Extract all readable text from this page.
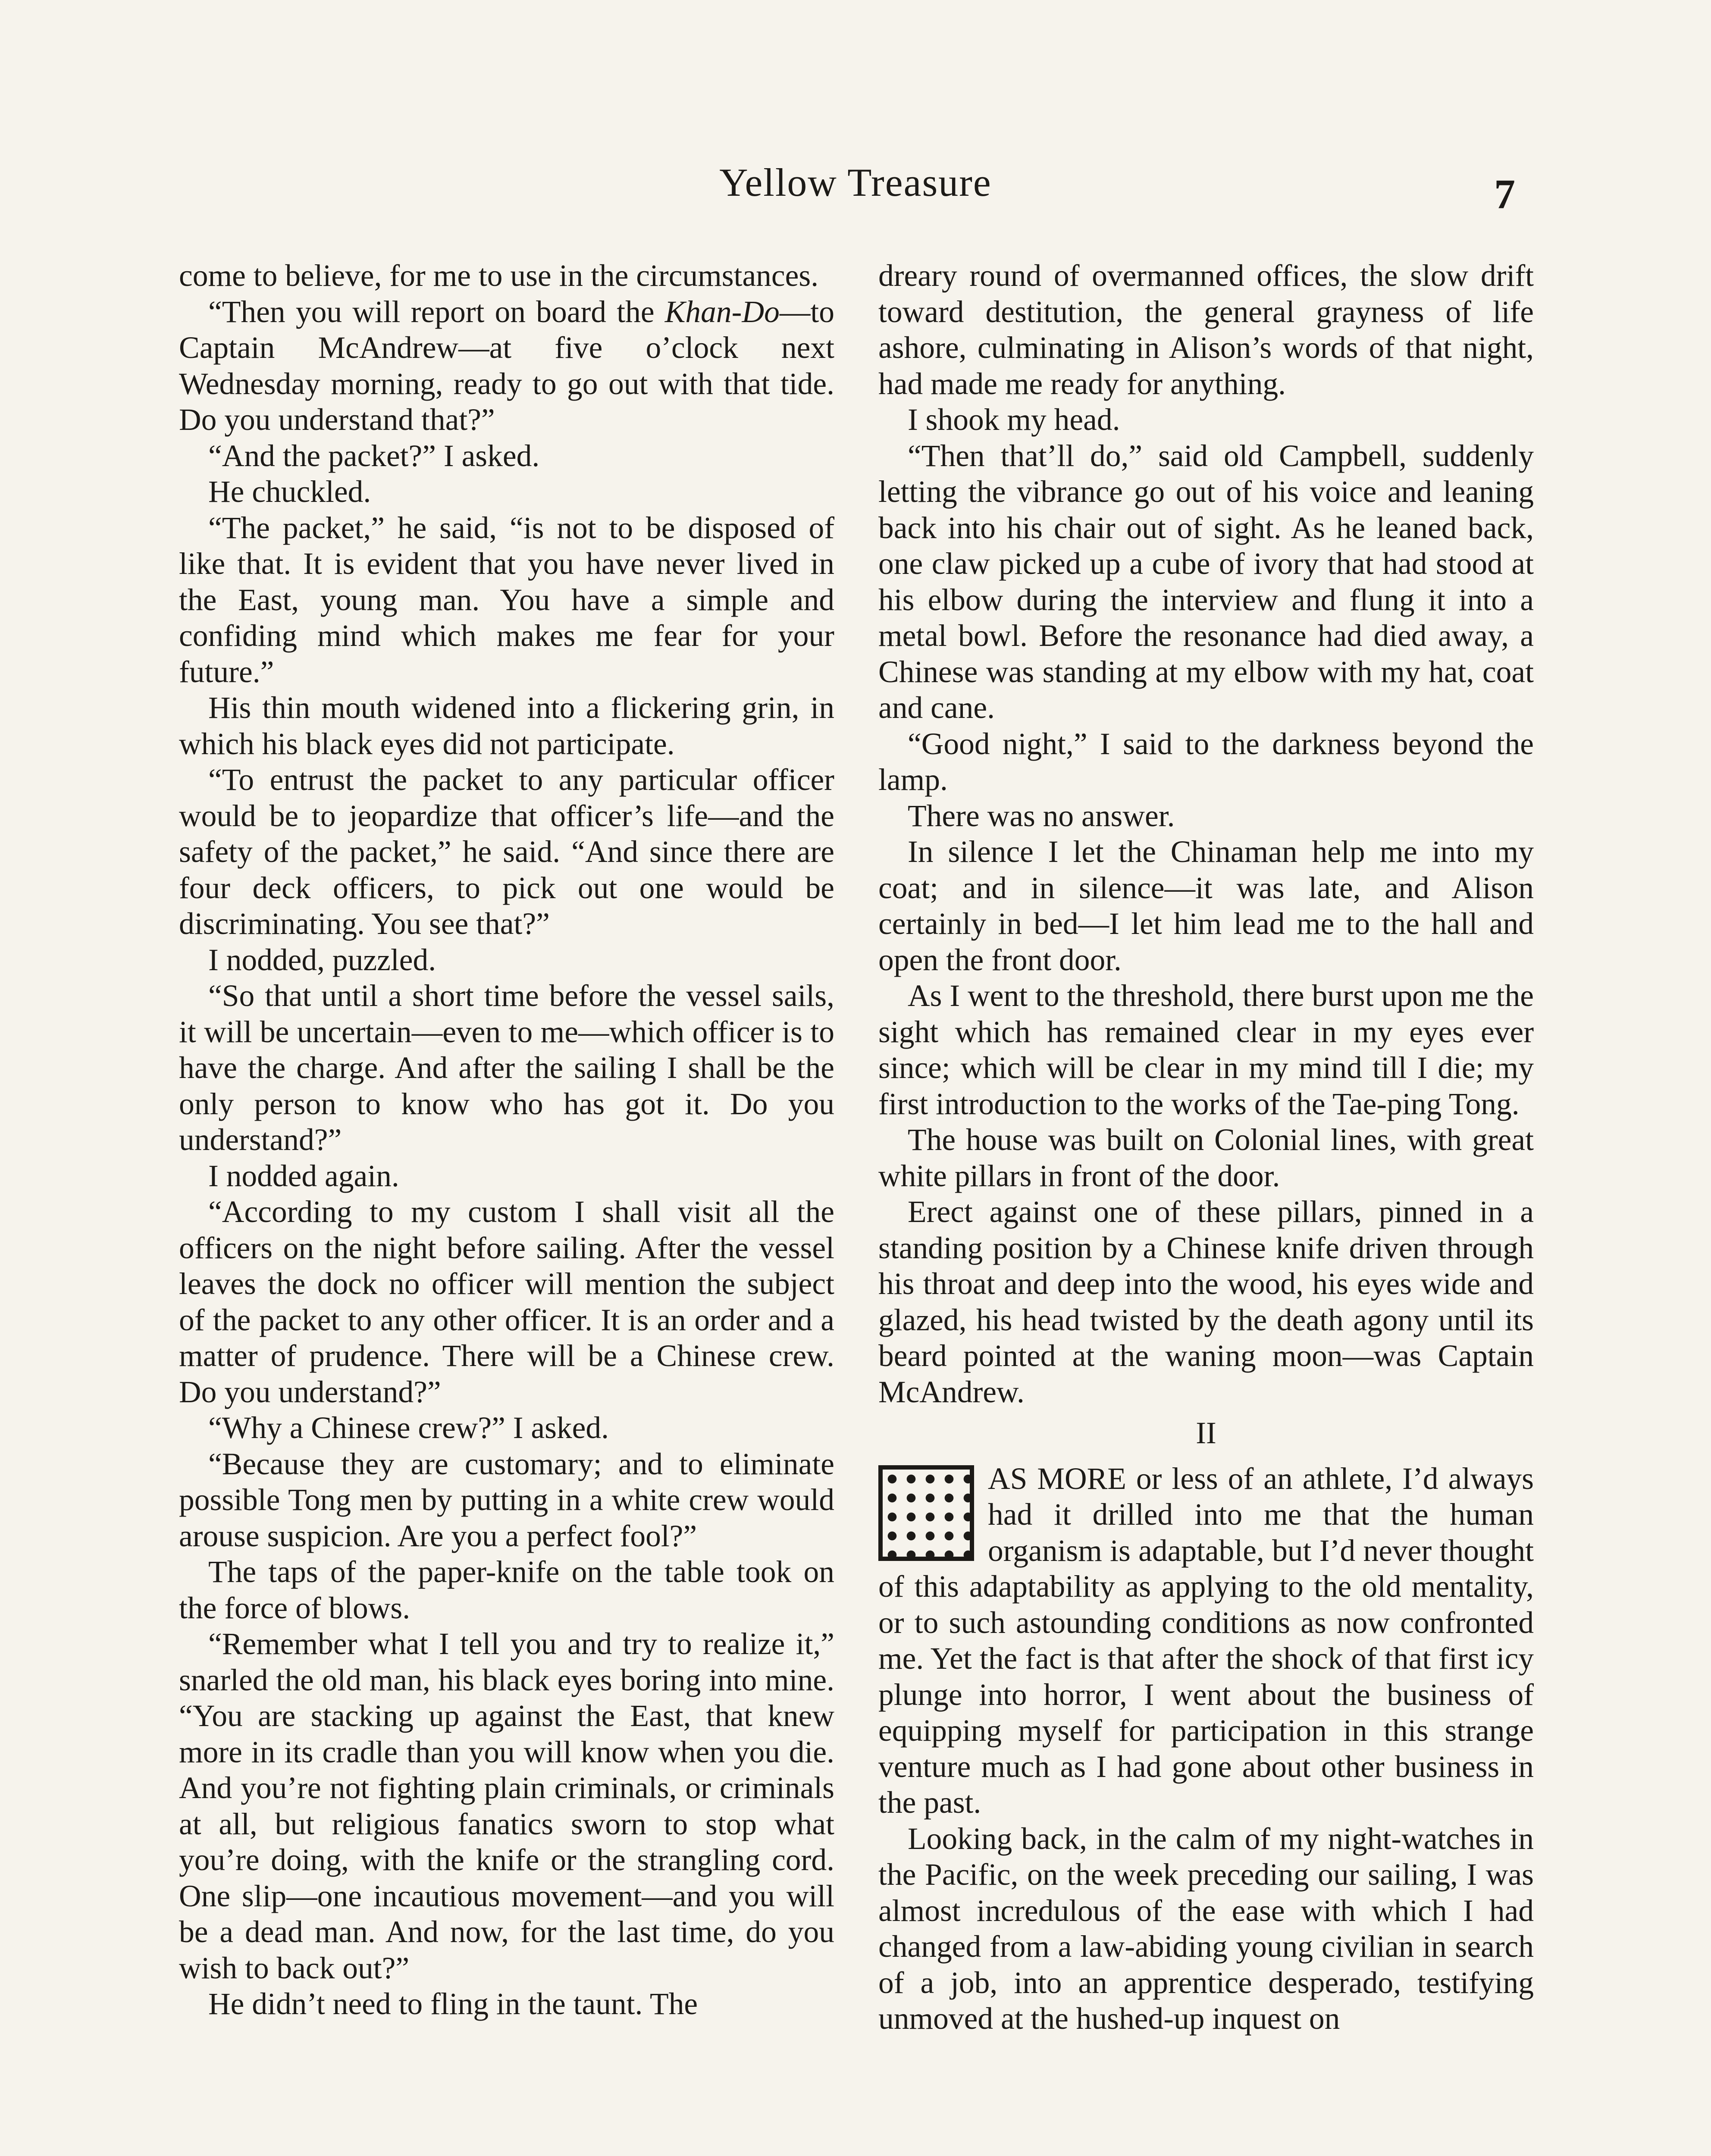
Yellow Treasure	7

come to believe, for me to use in the circumstances.

“Then you will report on board the Khan-Do—to Captain McAndrew—at five o’clock next Wednesday morning, ready to go out with that tide. Do you understand that?”

“And the packet?” I asked.

He chuckled.

“The packet,” he said, “is not to be disposed of like that. It is evident that you have never lived in the East, young man. You have a simple and confiding mind which makes me fear for your future.”

His thin mouth widened into a flickering grin, in which his black eyes did not participate.

“To entrust the packet to any particular officer would be to jeopardize that officer’s life—and the safety of the packet,” he said. “And since there are four deck officers, to pick out one would be discriminating. You see that?”

I nodded, puzzled.

“So that until a short time before the vessel sails, it will be uncertain—even to me—which officer is to have the charge. And after the sailing I shall be the only person to know who has got it. Do you understand?”

I nodded again.

“According to my custom I shall visit all the officers on the night before sailing. After the vessel leaves the dock no officer will mention the subject of the packet to any other officer. It is an order and a matter of prudence. There will be a Chinese crew. Do you understand?”

“Why a Chinese crew?” I asked.

“Because they are customary; and to eliminate possible Tong men by putting in a white crew would arouse suspicion. Are you a perfect fool?”

The taps of the paper-knife on the table took on the force of blows.

“Remember what I tell you and try to realize it,” snarled the old man, his black eyes boring into mine. “You are stacking up against the East, that knew more in its cradle than you will know when you die. And you’re not fighting plain criminals, or criminals at all, but religious fanatics sworn to stop what you’re doing, with the knife or the strangling cord. One slip—one incautious movement—and you will be a dead man. And now, for the last time, do you wish to back out?”

He didn’t need to fling in the taunt. The

dreary round of overmanned offices, the slow drift toward destitution, the general grayness of life ashore, culminating in Alison’s words of that night, had made me ready for anything.

I shook my head.

“Then that’ll do,” said old Campbell, suddenly letting the vibrance go out of his voice and leaning back into his chair out of sight. As he leaned back, one claw picked up a cube of ivory that had stood at his elbow during the interview and flung it into a metal bowl. Before the resonance had died away, a Chinese was standing at my elbow with my hat, coat and cane.

“Good night,” I said to the darkness beyond the lamp.

There was no answer.

In silence I let the Chinaman help me into my coat; and in silence—it was late, and Alison certainly in bed—I let him lead me to the hall and open the front door.

As I went to the threshold, there burst upon me the sight which has remained clear in my eyes ever since; which will be clear in my mind till I die; my first introduction to the works of the Tae-ping Tong.

The house was built on Colonial lines, with great white pillars in front of the door.

Erect against one of these pillars, pinned in a standing position by a Chinese knife driven through his throat and deep into the wood, his eyes wide and glazed, his head twisted by the death agony until its beard pointed at the waning moon—was Captain McAndrew.

II

AS MORE or less of an athlete, I’d always had it drilled into me that the human organism is adaptable, but I’d never thought of this adaptability as applying to the old mentality, or to such astounding conditions as now confronted me. Yet the fact is that after the shock of that first icy plunge into horror, I went about the business of equipping myself for participation in this strange venture much as I had gone about other business in the past.

Looking back, in the calm of my night-watches in the Pacific, on the week preceding our sailing, I was almost incredulous of the ease with which I had changed from a law-abiding young civilian in search of a job, into an apprentice desperado, testifying unmoved at the hushed-up inquest on
